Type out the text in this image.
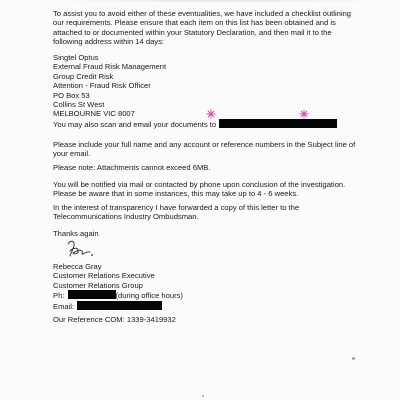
To assist you to avoid either of these eventualities, we have included a checklist outlining
our requirements. Please ensure that each item on this list has been obtained and is
attached to or documented within your Statutory Declaration, and then mail it to the
following address within 14 days:
Singtel Optus
External Fraud Risk Management
Group Credit Risk
Attention - Fraud Risk Officer
PO Box 53
Collins St West
MELBOURNE VIC 8007
You may also scan and email your documents to
Please include your full name and any account or reference numbers in the Subject line of
your email.
Please note: Attachments cannot exceed 6MB.
You will be notified via mail or contacted by phone upon conclusion of the investigation.
Please be aware that in some instances, this may take up to 4 - 6 weeks.
In the interest of transparency I have forwarded a copy of this letter to the
Telecommunications Industry Ombudsman.
Thanks again
Rebecca Gray
Customer Relations Executive
Customer Relations Group
Ph:	(during office hours)
Email:
Our Reference COM: 1339-3419932
